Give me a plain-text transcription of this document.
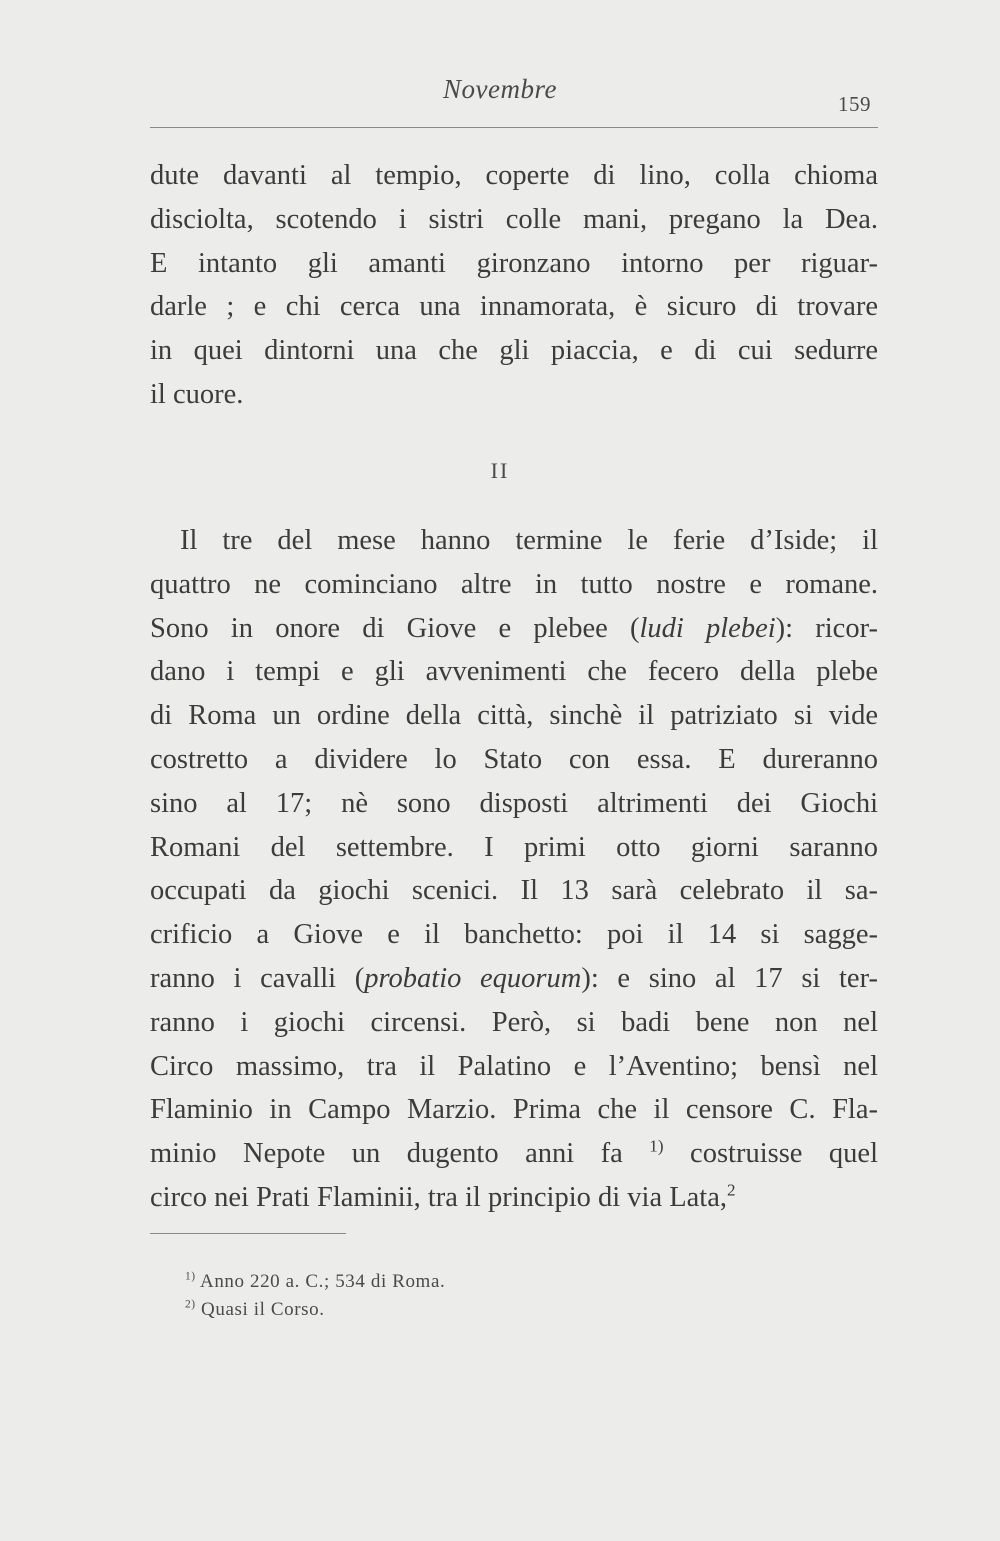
Novembre	159
dute davanti al tempio, coperte di lino, colla chioma
disciolta, scotendo i sistri colle mani, pregano la Dea.
E intanto gli amanti gironzano intorno per riguar-
darle ; e chi cerca una innamorata, è sicuro di trovare
in quei dintorni una che gli piaccia, e di cui sedurre
il cuore.
II
Il tre del mese hanno termine le ferie d’Iside; il
quattro ne cominciano altre in tutto nostre e romane.
Sono in onore di Giove e plebee (ludi plebei): ricor-
dano i tempi e gli avvenimenti che fecero della plebe
di Roma un ordine della città, sinchè il patriziato si vide
costretto a dividere lo Stato con essa. E dureranno
sino al 17; nè sono disposti altrimenti dei Giochi
Romani del settembre. I primi otto giorni saranno
occupati da giochi scenici. Il 13 sarà celebrato il sa-
crificio a Giove e il banchetto: poi il 14 si sagge-
ranno i cavalli (probatio equorum): e sino al 17 si ter-
ranno i giochi circensi. Però, si badi bene non nel
Circo massimo, tra il Palatino e l’Aventino; bensì nel
Flaminio in Campo Marzio. Prima che il censore C. Fla-
minio Nepote un dugento anni fa $^{1)}$ costruisse quel
circo nei Prati Flaminii, tra il principio di via Lata,$^2$
$^{1)}$ Anno 220 a. C.; 534 di Roma.
$^{2)}$ Quasi il Corso.
